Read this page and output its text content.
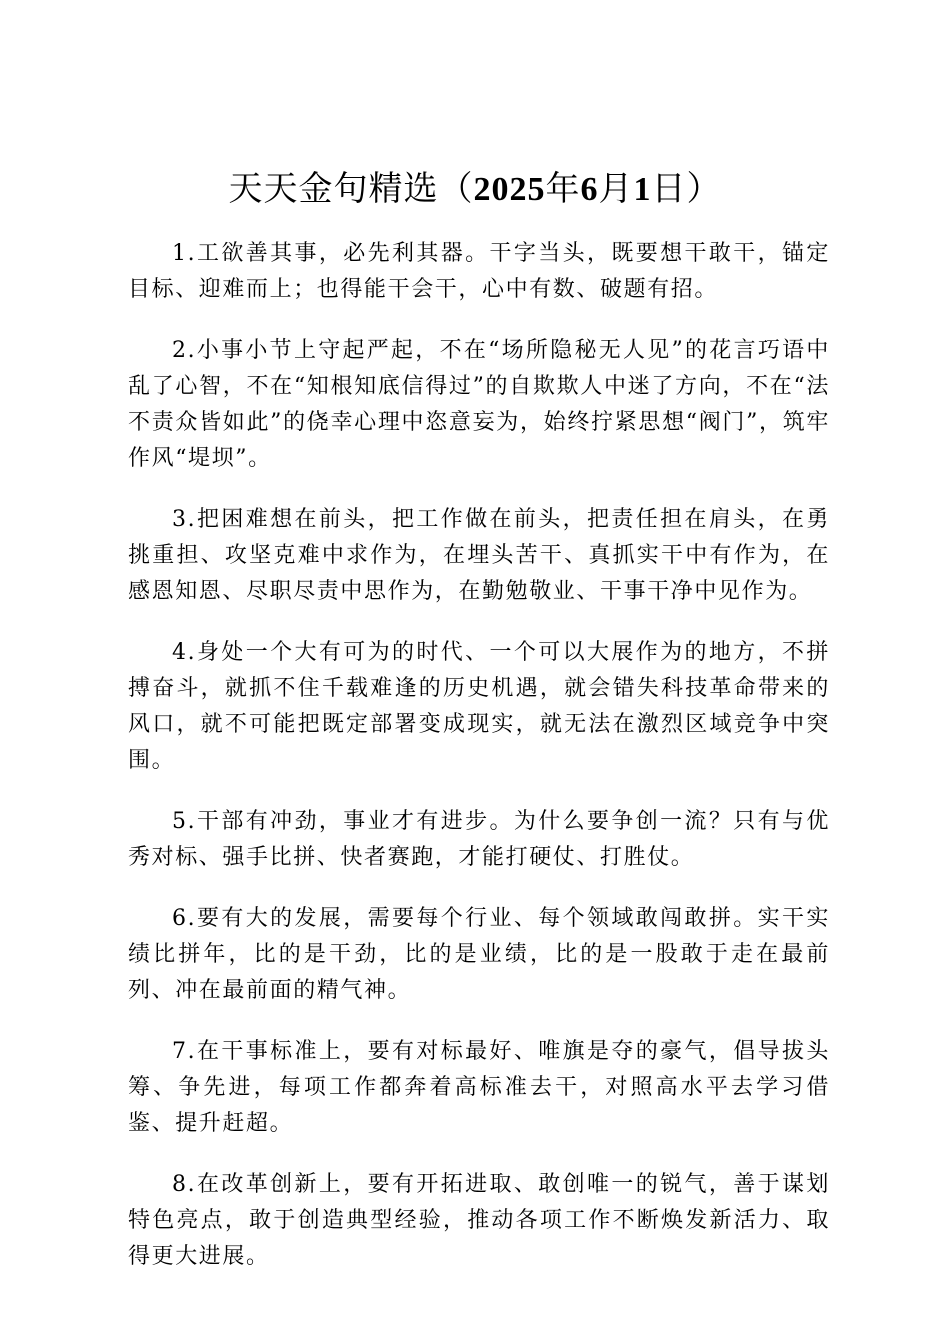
天天金句精选（2025年6月1日）

1.工欲善其事，必先利其器。干字当头，既要想干敢干，锚定目标、迎难而上；也得能干会干，心中有数、破题有招。

2.小事小节上守起严起，不在“场所隐秘无人见”的花言巧语中乱了心智，不在“知根知底信得过”的自欺欺人中迷了方向，不在“法不责众皆如此”的侥幸心理中恣意妄为，始终拧紧思想“阀门”，筑牢作风“堤坝”。

3.把困难想在前头，把工作做在前头，把责任担在肩头，在勇挑重担、攻坚克难中求作为，在埋头苦干、真抓实干中有作为，在感恩知恩、尽职尽责中思作为，在勤勉敬业、干事干净中见作为。

4.身处一个大有可为的时代、一个可以大展作为的地方，不拼搏奋斗，就抓不住千载难逢的历史机遇，就会错失科技革命带来的风口，就不可能把既定部署变成现实，就无法在激烈区域竞争中突围。

5.干部有冲劲，事业才有进步。为什么要争创一流？只有与优秀对标、强手比拼、快者赛跑，才能打硬仗、打胜仗。

6.要有大的发展，需要每个行业、每个领域敢闯敢拼。实干实绩比拼年，比的是干劲，比的是业绩，比的是一股敢于走在最前列、冲在最前面的精气神。

7.在干事标准上，要有对标最好、唯旗是夺的豪气，倡导拔头筹、争先进，每项工作都奔着高标准去干，对照高水平去学习借鉴、提升赶超。

8.在改革创新上，要有开拓进取、敢创唯一的锐气，善于谋划特色亮点，敢于创造典型经验，推动各项工作不断焕发新活力、取得更大进展。
